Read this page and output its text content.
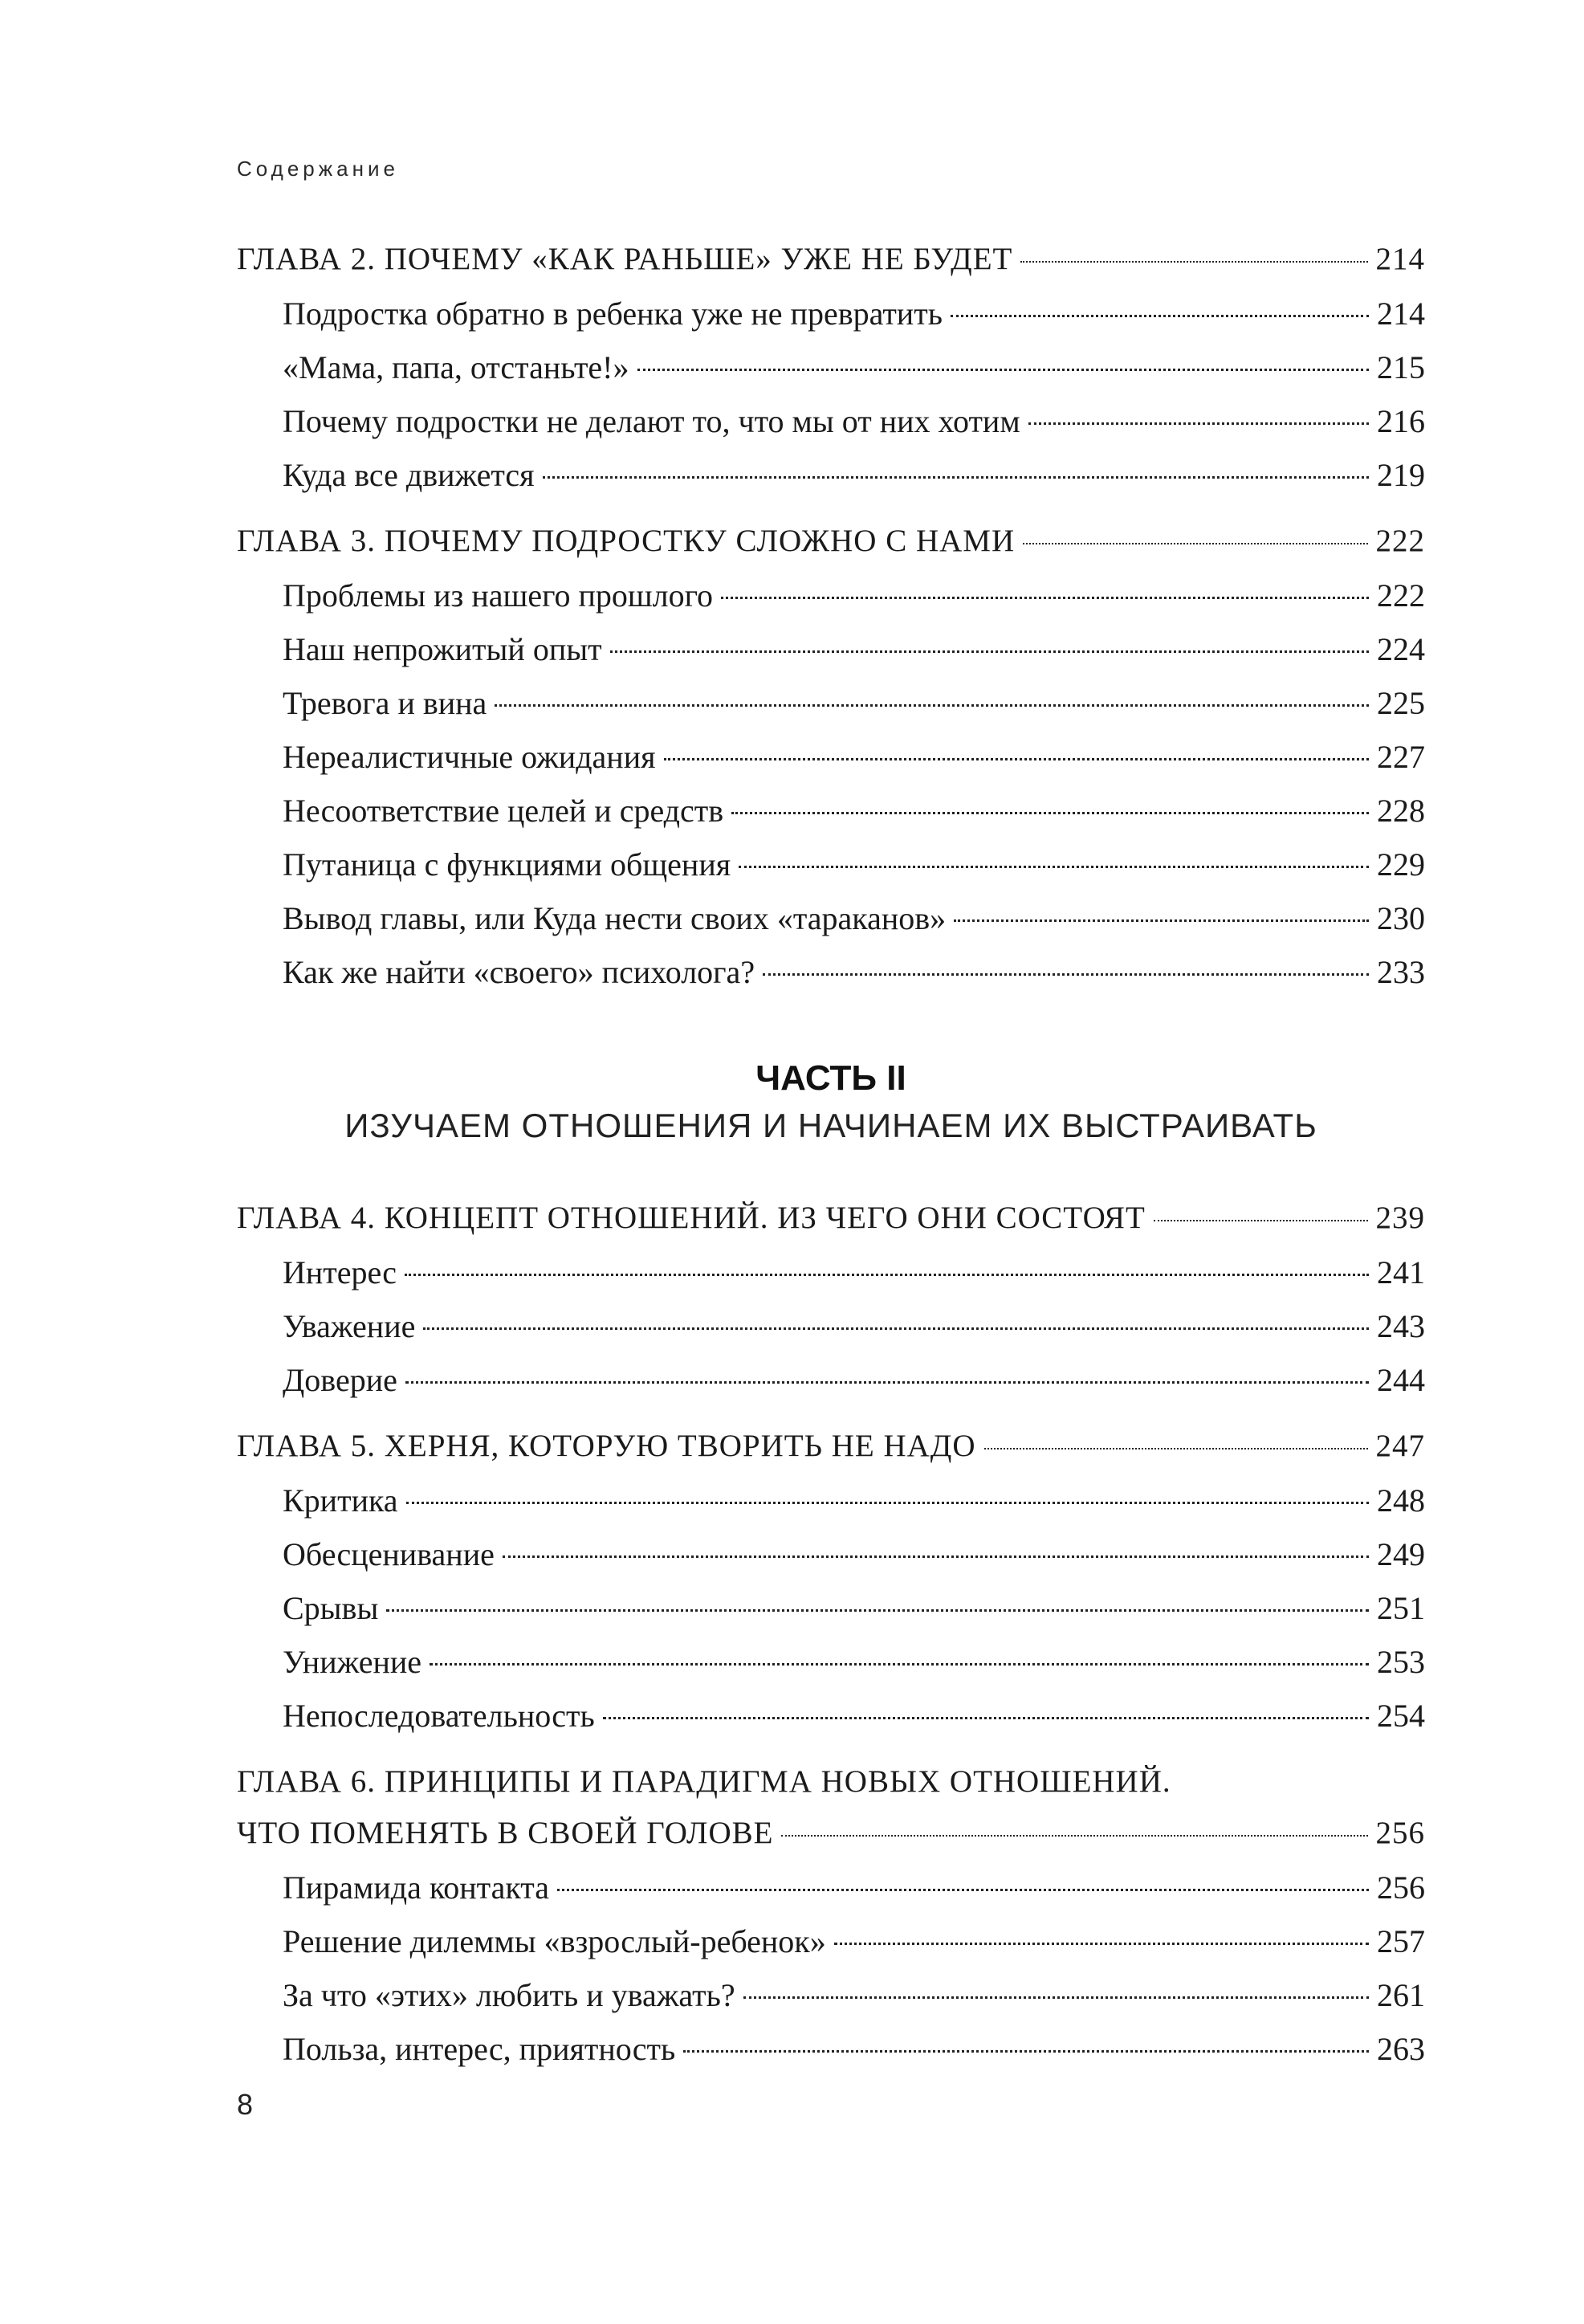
Содержание
ГЛАВА 2. ПОЧЕМУ «КАК РАНЬШЕ» УЖЕ НЕ БУДЕТ	214
Подростка обратно в ребенка уже не превратить	214
«Мама, папа, отстаньте!»	215
Почему подростки не делают то, что мы от них хотим	216
Куда все движется	219
ГЛАВА 3. ПОЧЕМУ ПОДРОСТКУ СЛОЖНО С НАМИ	222
Проблемы из нашего прошлого	222
Наш непрожитый опыт	224
Тревога и вина	225
Нереалистичные ожидания	227
Несоответствие целей и средств	228
Путаница с функциями общения	229
Вывод главы, или Куда нести своих «тараканов»	230
Как же найти «своего» психолога?	233
ЧАСТЬ II
ИЗУЧАЕМ ОТНОШЕНИЯ И НАЧИНАЕМ ИХ ВЫСТРАИВАТЬ
ГЛАВА 4. КОНЦЕПТ ОТНОШЕНИЙ. ИЗ ЧЕГО ОНИ СОСТОЯТ	239
Интерес	241
Уважение	243
Доверие	244
ГЛАВА 5. ХЕРНЯ, КОТОРУЮ ТВОРИТЬ НЕ НАДО	247
Критика	248
Обесценивание	249
Срывы	251
Унижение	253
Непоследовательность	254
ГЛАВА 6. ПРИНЦИПЫ И ПАРАДИГМА НОВЫХ ОТНОШЕНИЙ.
ЧТО ПОМЕНЯТЬ В СВОЕЙ ГОЛОВЕ	256
Пирамида контакта	256
Решение дилеммы «взрослый-ребенок»	257
За что «этих» любить и уважать?	261
Польза, интерес, приятность	263
8
